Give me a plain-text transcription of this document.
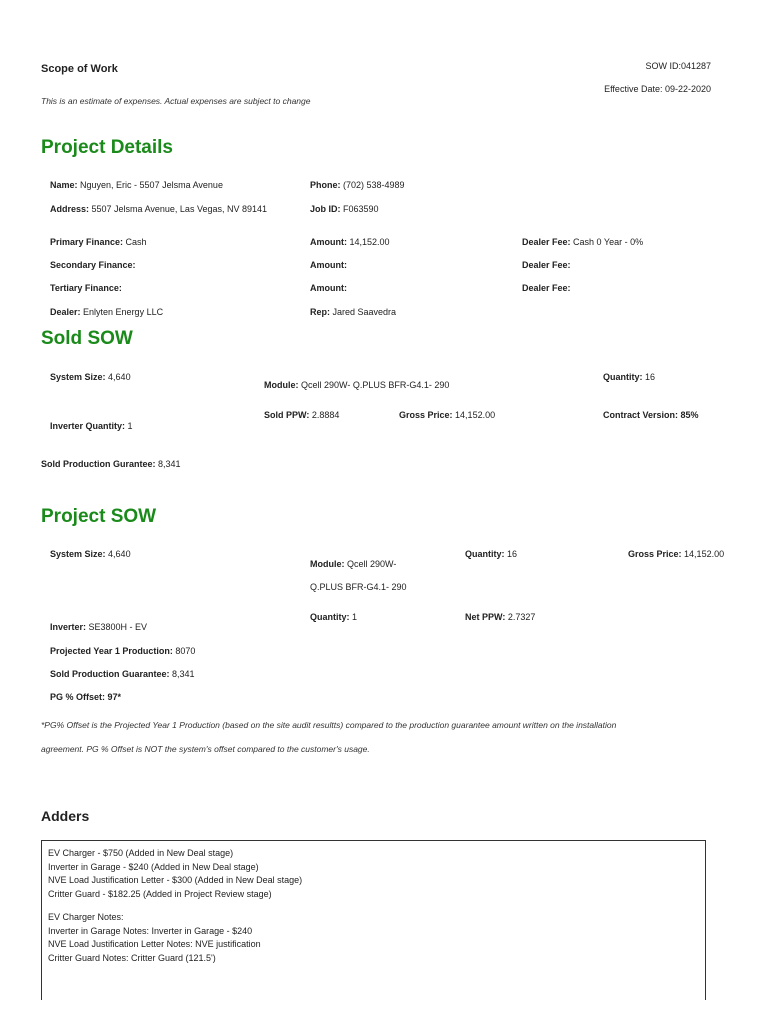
Scope of Work
This is an estimate of expenses. Actual expenses are subject to change
SOW ID:041287
Effective Date: 09-22-2020
Project Details
Name: Nguyen, Eric - 5507 Jelsma Avenue	Phone: (702) 538-4989
Address: 5507 Jelsma Avenue, Las Vegas, NV 89141	Job ID: F063590
Primary Finance: Cash	Amount: 14,152.00	Dealer Fee: Cash 0 Year - 0%
Secondary Finance:	Amount:	Dealer Fee:
Tertiary Finance:	Amount:	Dealer Fee:
Dealer: Enlyten Energy LLC	Rep: Jared Saavedra
Sold SOW
System Size: 4,640
Module: Qcell 290W- Q.PLUS BFR-G4.1- 290
Quantity: 16
Sold PPW: 2.8884	Gross Price: 14,152.00	Contract Version: 85%
Inverter Quantity: 1
Sold Production Gurantee: 8,341
Project SOW
System Size: 4,640
Module: Qcell 290W-
Q.PLUS BFR-G4.1- 290
Quantity: 16	Gross Price: 14,152.00
Quantity: 1	Net PPW: 2.7327
Inverter: SE3800H - EV
Projected Year 1 Production: 8070
Sold Production Guarantee: 8,341
PG % Offset: 97*
*PG% Offset is the Projected Year 1 Production (based on the site audit resultts) compared to the production guarantee amount written on the installation
agreement. PG % Offset is NOT the system's offset compared to the customer's usage.
Adders
EV Charger - $750 (Added in New Deal stage)
Inverter in Garage - $240 (Added in New Deal stage)
NVE Load Justification Letter - $300 (Added in New Deal stage)
Critter Guard - $182.25 (Added in Project Review stage)
EV Charger Notes:
Inverter in Garage Notes: Inverter in Garage - $240
NVE Load Justification Letter Notes: NVE justification
Critter Guard Notes: Critter Guard (121.5')
